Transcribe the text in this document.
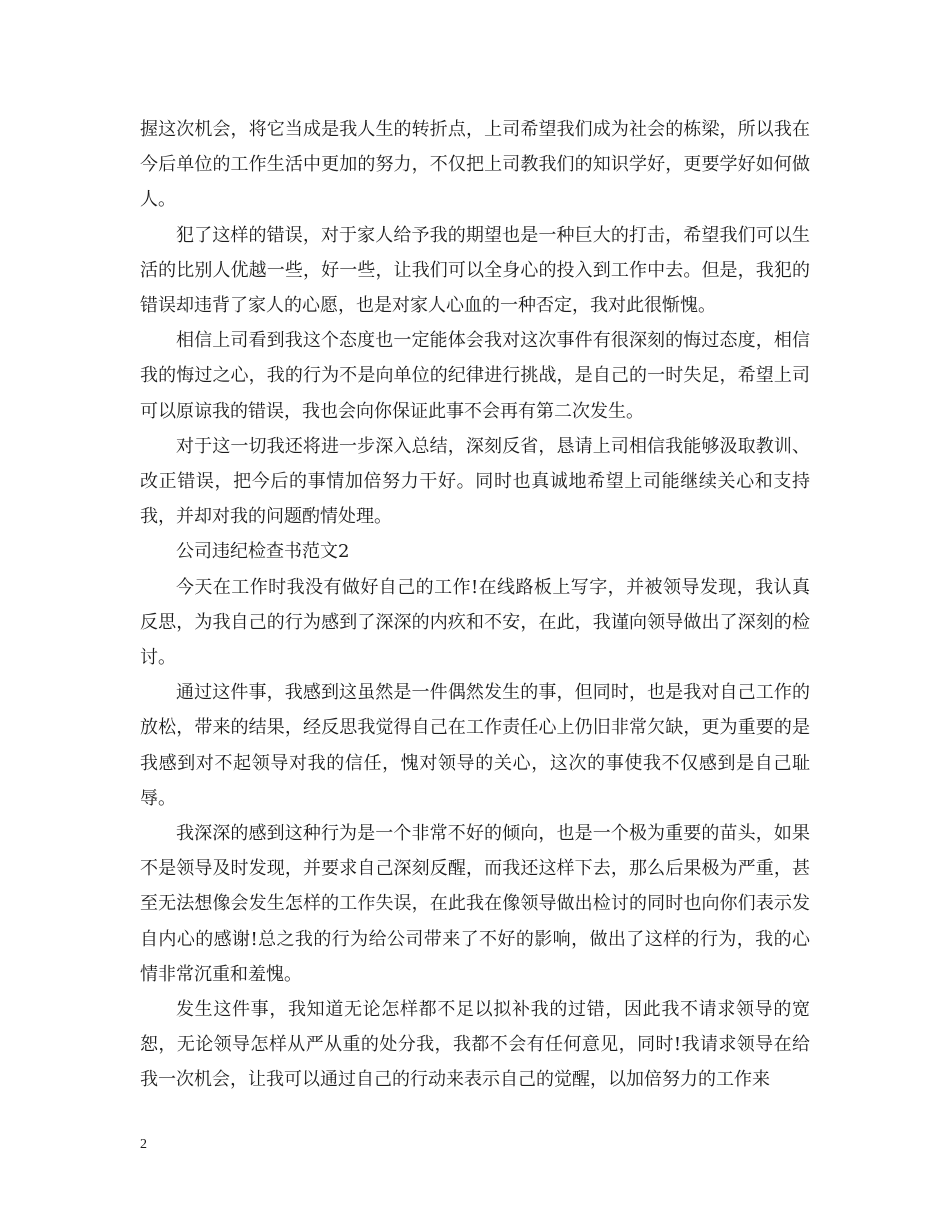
握这次机会，将它当成是我人生的转折点，上司希望我们成为社会的栋梁，所以我在今后单位的工作生活中更加的努力，不仅把上司教我们的知识学好，更要学好如何做人。

犯了这样的错误，对于家人给予我的期望也是一种巨大的打击，希望我们可以生活的比别人优越一些，好一些，让我们可以全身心的投入到工作中去。但是，我犯的错误却违背了家人的心愿，也是对家人心血的一种否定，我对此很惭愧。

相信上司看到我这个态度也一定能体会我对这次事件有很深刻的悔过态度，相信我的悔过之心，我的行为不是向单位的纪律进行挑战，是自己的一时失足，希望上司可以原谅我的错误，我也会向你保证此事不会再有第二次发生。

对于这一切我还将进一步深入总结，深刻反省，恳请上司相信我能够汲取教训、改正错误，把今后的事情加倍努力干好。同时也真诚地希望上司能继续关心和支持我，并却对我的问题酌情处理。

公司违纪检查书范文2

今天在工作时我没有做好自己的工作!在线路板上写字，并被领导发现，我认真反思，为我自己的行为感到了深深的内疚和不安，在此，我谨向领导做出了深刻的检讨。

通过这件事，我感到这虽然是一件偶然发生的事，但同时，也是我对自己工作的放松，带来的结果，经反思我觉得自己在工作责任心上仍旧非常欠缺，更为重要的是我感到对不起领导对我的信任，愧对领导的关心，这次的事使我不仅感到是自己耻辱。

我深深的感到这种行为是一个非常不好的倾向，也是一个极为重要的苗头，如果不是领导及时发现，并要求自己深刻反醒，而我还这样下去，那么后果极为严重，甚至无法想像会发生怎样的工作失误，在此我在像领导做出检讨的同时也向你们表示发自内心的感谢!总之我的行为给公司带来了不好的影响，做出了这样的行为，我的心情非常沉重和羞愧。

发生这件事，我知道无论怎样都不足以拟补我的过错，因此我不请求领导的宽恕，无论领导怎样从严从重的处分我，我都不会有任何意见，同时!我请求领导在给我一次机会，让我可以通过自己的行动来表示自己的觉醒，以加倍努力的工作来

2
